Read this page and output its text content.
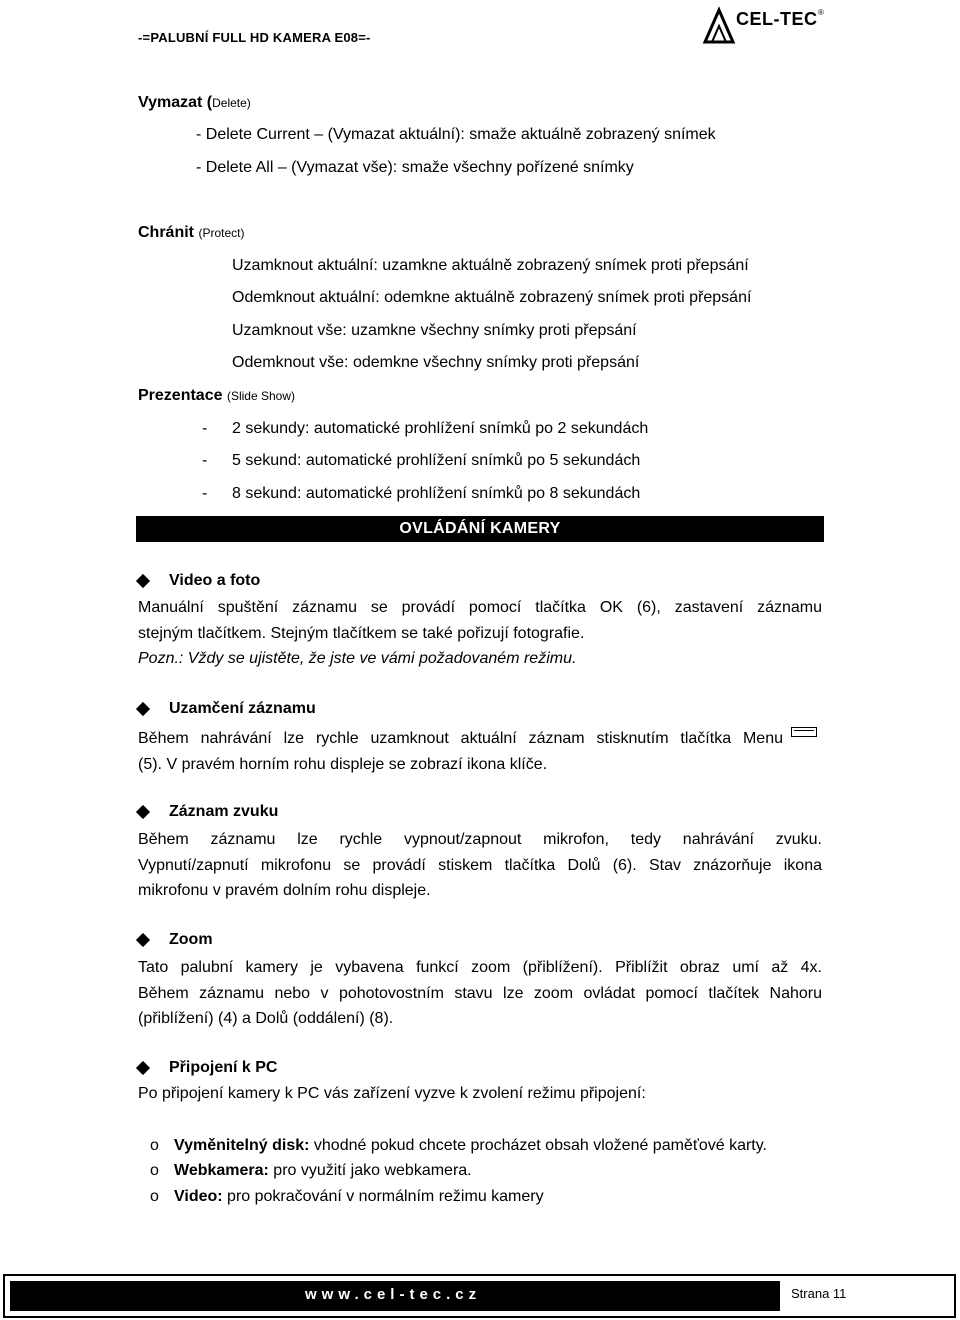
-=PALUBNÍ FULL HD KAMERA E08=-
CEL-TEC ®
Vymazat (Delete)
- Delete Current – (Vymazat aktuální): smaže aktuálně zobrazený snímek
- Delete All – (Vymazat vše): smaže všechny pořízené snímky
Chránit (Protect)
Uzamknout aktuální: uzamkne aktuálně zobrazený snímek proti přepsání
Odemknout aktuální: odemkne aktuálně zobrazený snímek proti přepsání
Uzamknout vše: uzamkne všechny snímky proti přepsání
Odemknout vše: odemkne všechny snímky proti přepsání
Prezentace (Slide Show)
- 2 sekundy: automatické prohlížení snímků po 2 sekundách
- 5 sekund: automatické prohlížení snímků po 5 sekundách
- 8 sekund: automatické prohlížení snímků po 8 sekundách
OVLÁDÁNÍ KAMERY
Video a foto
Manuální spuštění záznamu se provádí pomocí tlačítka OK (6), zastavení záznamu
stejným tlačítkem. Stejným tlačítkem se také pořizují fotografie.
Pozn.: Vždy se ujistěte, že jste ve vámi požadovaném režimu.
Uzamčení záznamu
Během nahrávání lze rychle uzamknout aktuální záznam stisknutím tlačítka Menu
(5). V pravém horním rohu displeje se zobrazí ikona klíče.
Záznam zvuku
Během záznamu lze rychle vypnout/zapnout mikrofon, tedy nahrávání zvuku.
Vypnutí/zapnutí mikrofonu se provádí stiskem tlačítka Dolů (6). Stav znázorňuje ikona
mikrofonu v pravém dolním rohu displeje.
Zoom
Tato palubní kamery je vybavena funkcí zoom (přiblížení). Přiblížit obraz umí až 4x.
Během záznamu nebo v pohotovostním stavu lze zoom ovládat pomocí tlačítek Nahoru
(přiblížení) (4) a Dolů (oddálení) (8).
Připojení k PC
Po připojení kamery k PC vás zařízení vyzve k zvolení režimu připojení:
o Vyměnitelný disk: vhodné pokud chcete procházet obsah vložené paměťové karty.
o Webkamera: pro využití jako webkamera.
o Video: pro pokračování v normálním režimu kamery
www.cel-tec.cz	Strana 11
